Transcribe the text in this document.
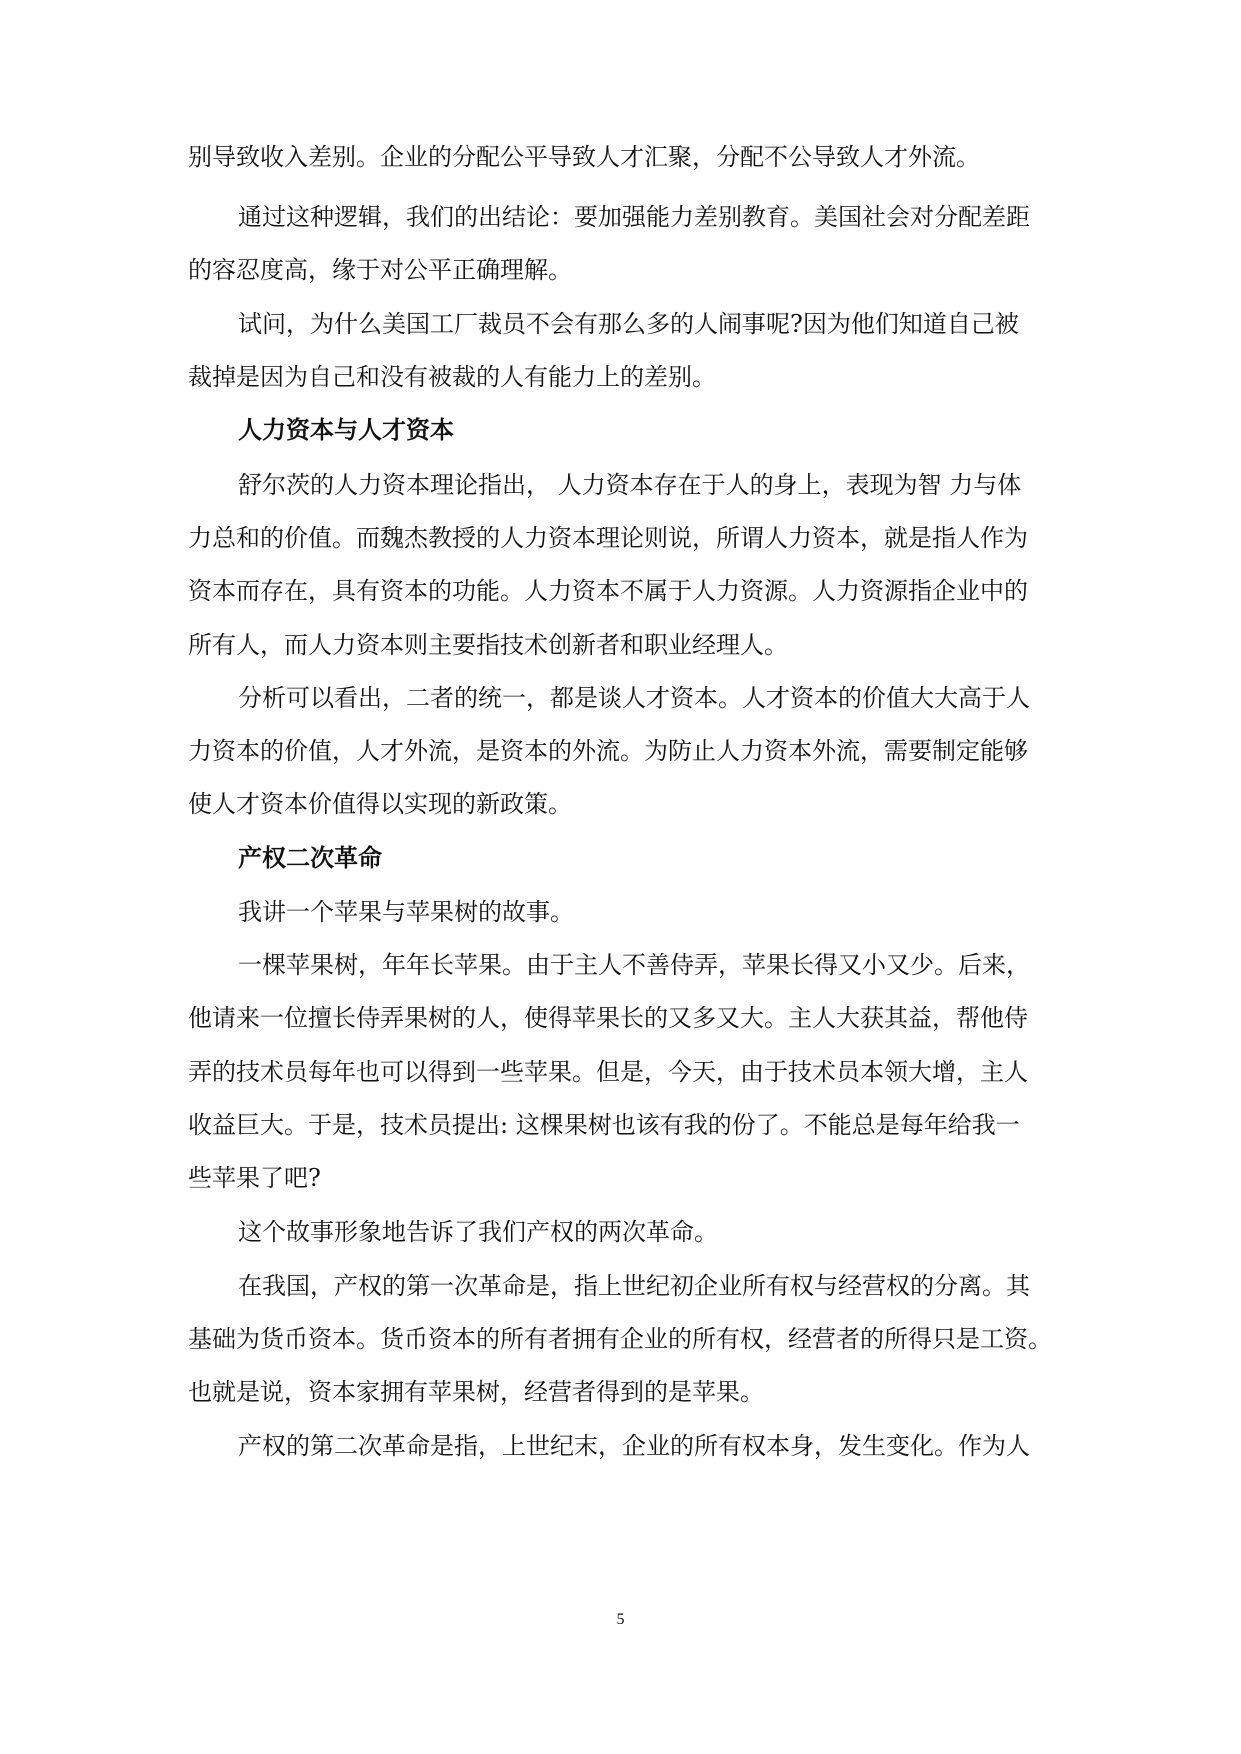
别导致收入差别。企业的分配公平导致人才汇聚，分配不公导致人才外流。
通过这种逻辑，我们的出结论：要加强能力差别教育。美国社会对分配差距
的容忍度高，缘于对公平正确理解。
试问，为什么美国工厂裁员不会有那么多的人闹事呢?因为他们知道自己被
裁掉是因为自己和没有被裁的人有能力上的差别。
人力资本与人才资本
舒尔茨的人力资本理论指出， 人力资本存在于人的身上，表现为智 力与体
力总和的价值。而魏杰教授的人力资本理论则说，所谓人力资本，就是指人作为
资本而存在，具有资本的功能。人力资本不属于人力资源。人力资源指企业中的
所有人，而人力资本则主要指技术创新者和职业经理人。
分析可以看出，二者的统一，都是谈人才资本。人才资本的价值大大高于人
力资本的价值，人才外流，是资本的外流。为防止人力资本外流，需要制定能够
使人才资本价值得以实现的新政策。
产权二次革命
我讲一个苹果与苹果树的故事。
一棵苹果树，年年长苹果。由于主人不善侍弄，苹果长得又小又少。后来，
他请来一位擅长侍弄果树的人，使得苹果长的又多又大。主人大获其益，帮他侍
弄的技术员每年也可以得到一些苹果。但是，今天，由于技术员本领大增，主人
收益巨大。于是，技术员提出: 这棵果树也该有我的份了。不能总是每年给我一
些苹果了吧?
这个故事形象地告诉了我们产权的两次革命。
在我国，产权的第一次革命是，指上世纪初企业所有权与经营权的分离。其
基础为货币资本。货币资本的所有者拥有企业的所有权，经营者的所得只是工资。
也就是说，资本家拥有苹果树，经营者得到的是苹果。
产权的第二次革命是指，上世纪末，企业的所有权本身，发生变化。作为人
5
